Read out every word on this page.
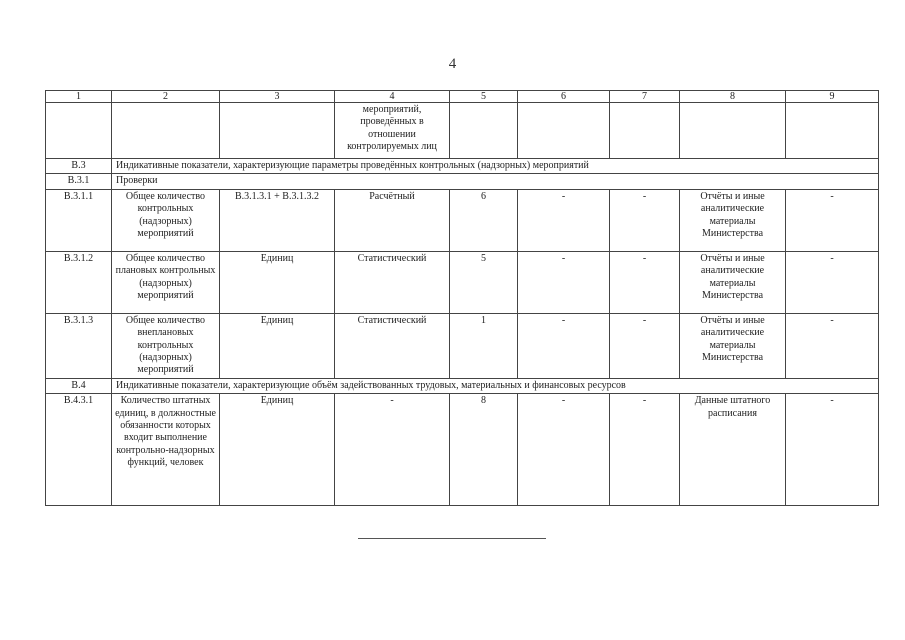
4
1	2	3	4	5	6	7	8	9
			мероприятий, проведённых в отношении контролируемых лиц					
В.3	Индикативные показатели, характеризующие параметры проведённых контрольных (надзорных) мероприятий							
В.3.1	Проверки							
В.3.1.1	Общее количество контрольных (надзорных) мероприятий	В.3.1.3.1 + В.3.1.3.2	Расчётный	6	-	-	Отчёты и иные аналитические материалы Министерства	-
В.3.1.2	Общее количество плановых контрольных (надзорных) мероприятий	Единиц	Статистический	5	-	-	Отчёты и иные аналитические материалы Министерства	-
В.3.1.3	Общее количество внеплановых контрольных (надзорных) мероприятий	Единиц	Статистический	1	-	-	Отчёты и иные аналитические материалы Министерства	-
В.4	Индикативные показатели, характеризующие объём задействованных трудовых, материальных и финансовых ресурсов							
В.4.3.1	Количество штатных единиц, в должностные обязанности которых входит выполнение контрольно-надзорных функций, человек	Единиц	-	8	-	-	Данные штатного расписания	-
